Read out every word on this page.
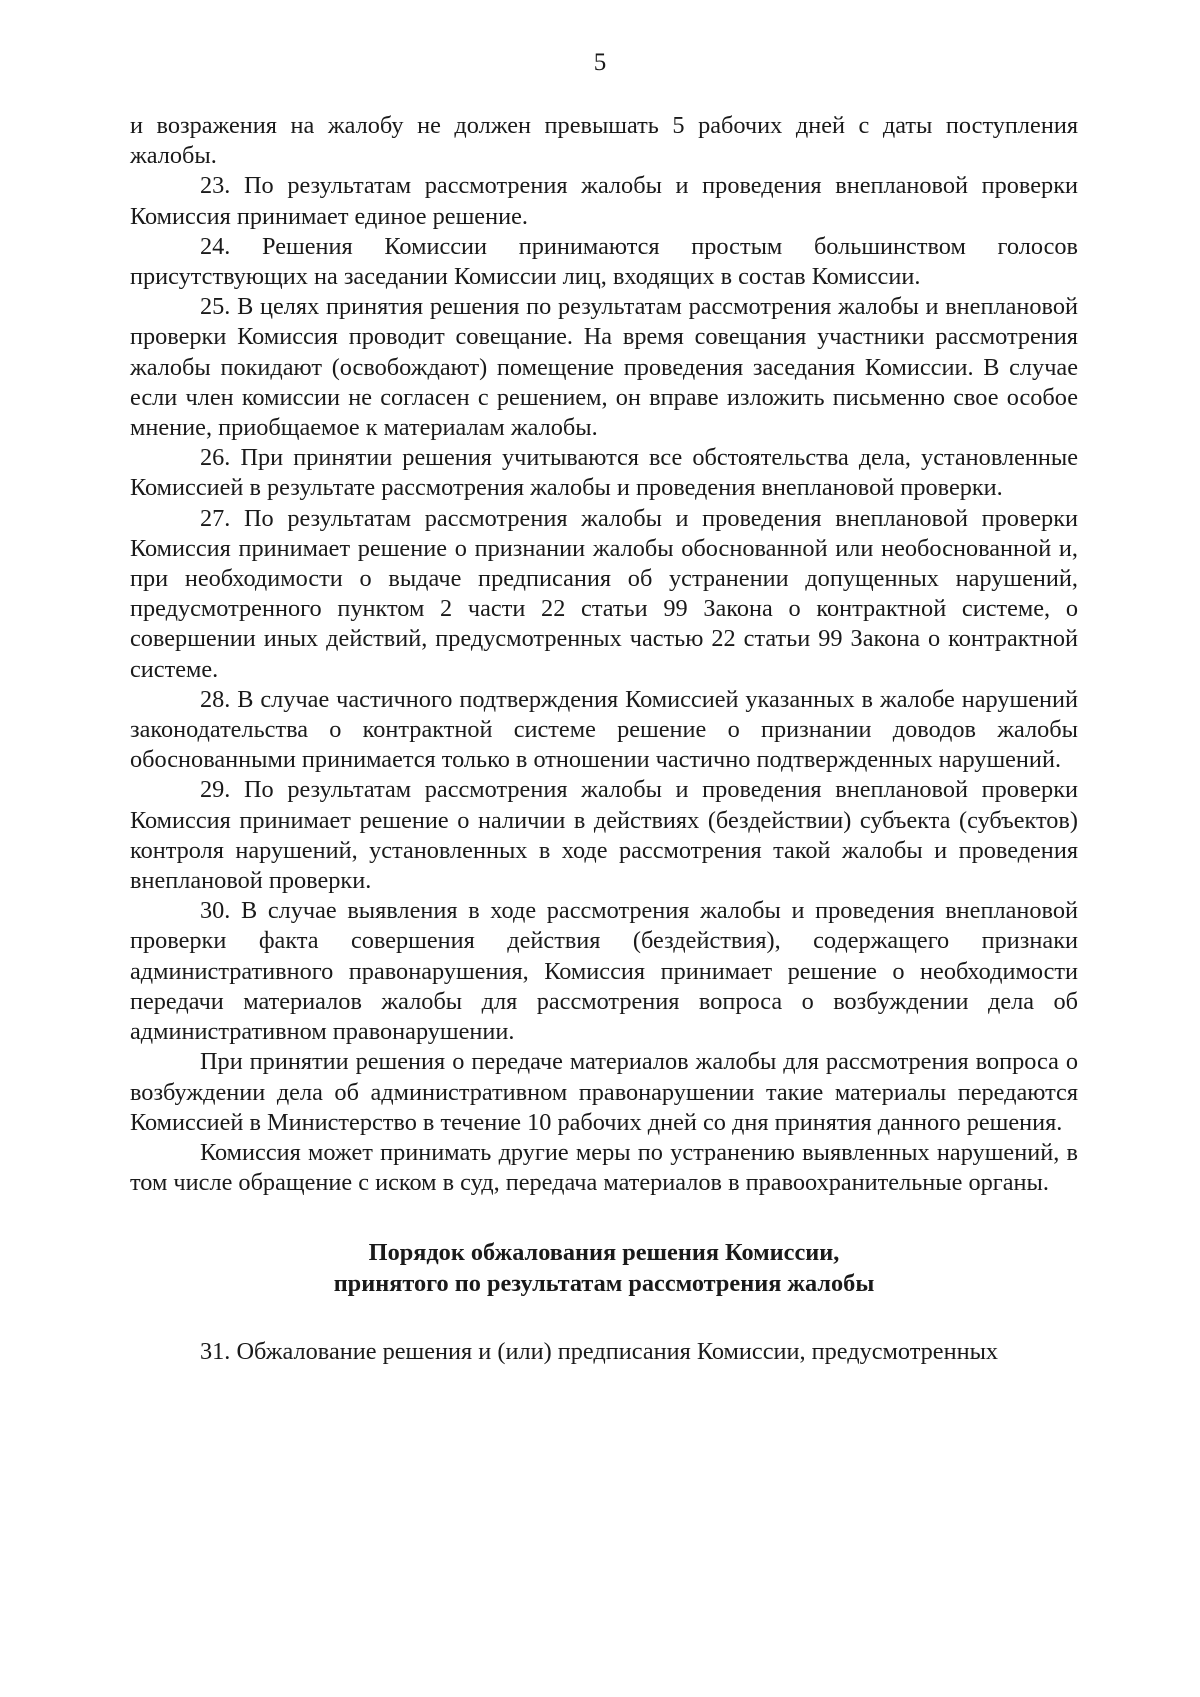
5

и возражения на жалобу не должен превышать 5 рабочих дней с даты поступления жалобы.

23. По результатам рассмотрения жалобы и проведения внеплановой проверки Комиссия принимает единое решение.

24. Решения Комиссии принимаются простым большинством голосов присутствующих на заседании Комиссии лиц, входящих в состав Комиссии.

25. В целях принятия решения по результатам рассмотрения жалобы и внеплановой проверки Комиссия проводит совещание. На время совещания участники рассмотрения жалобы покидают (освобождают) помещение проведения заседания Комиссии. В случае если член комиссии не согласен с решением, он вправе изложить письменно свое особое мнение, приобщаемое к материалам жалобы.

26. При принятии решения учитываются все обстоятельства дела, установленные Комиссией в результате рассмотрения жалобы и проведения внеплановой проверки.

27. По результатам рассмотрения жалобы и проведения внеплановой проверки Комиссия принимает решение о признании жалобы обоснованной или необоснованной и, при необходимости о выдаче предписания об устранении допущенных нарушений, предусмотренного пунктом 2 части 22 статьи 99 Закона о контрактной системе, о совершении иных действий, предусмотренных частью 22 статьи 99 Закона о контрактной системе.

28. В случае частичного подтверждения Комиссией указанных в жалобе нарушений законодательства о контрактной системе решение о признании доводов жалобы обоснованными принимается только в отношении частично подтвержденных нарушений.

29. По результатам рассмотрения жалобы и проведения внеплановой проверки Комиссия принимает решение о наличии в действиях (бездействии) субъекта (субъектов) контроля нарушений, установленных в ходе рассмотрения такой жалобы и проведения внеплановой проверки.

30. В случае выявления в ходе рассмотрения жалобы и проведения внеплановой проверки факта совершения действия (бездействия), содержащего признаки административного правонарушения, Комиссия принимает решение о необходимости передачи материалов жалобы для рассмотрения вопроса о возбуждении дела об административном правонарушении.

При принятии решения о передаче материалов жалобы для рассмотрения вопроса о возбуждении дела об административном правонарушении такие материалы передаются Комиссией в Министерство в течение 10 рабочих дней со дня принятия данного решения.

Комиссия может принимать другие меры по устранению выявленных нарушений, в том числе обращение с иском в суд, передача материалов в правоохранительные органы.

Порядок обжалования решения Комиссии,
принятого по результатам рассмотрения жалобы

31. Обжалование решения и (или) предписания Комиссии, предусмотренных
